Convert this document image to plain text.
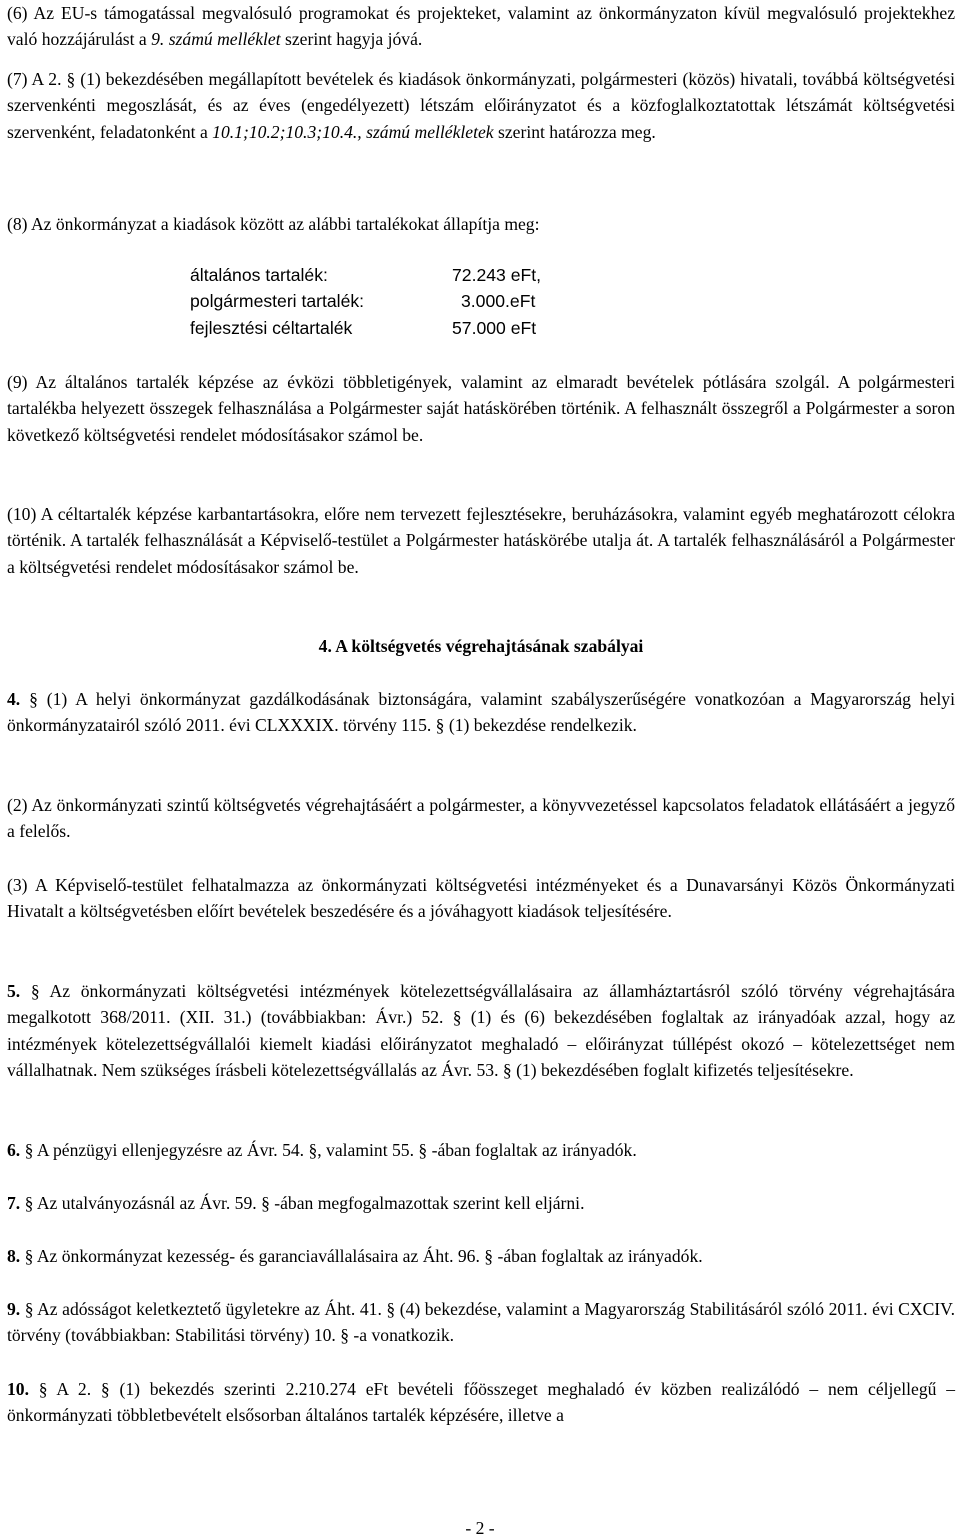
(6) Az EU-s támogatással megvalósuló programokat és projekteket, valamint az önkormányzaton kívül megvalósuló projektekhez való hozzájárulást a 9. számú melléklet szerint hagyja jóvá.

(7) A 2. § (1) bekezdésében megállapított bevételek és kiadások önkormányzati, polgármesteri (közös) hivatali, továbbá költségvetési szervenkénti megoszlását, és az éves (engedélyezett) létszám előirányzatot és a közfoglalkoztatottak létszámát költségvetési szervenként, feladatonként a 10.1;10.2;10.3;10.4., számú mellékletek szerint határozza meg.

(8) Az önkormányzat a kiadások között az alábbi tartalékokat állapítja meg:

(9) Az általános tartalék képzése az évközi többletigények, valamint az elmaradt bevételek pótlására szolgál. A polgármesteri tartalékba helyezett összegek felhasználása a Polgármester saját hatáskörében történik. A felhasznált összegről a Polgármester a soron következő költségvetési rendelet módosításakor számol be.

(10) A céltartalék képzése karbantartásokra, előre nem tervezett fejlesztésekre, beruházásokra, valamint egyéb meghatározott célokra történik. A tartalék felhasználását a Képviselő-testület a Polgármester hatáskörébe utalja át. A tartalék felhasználásáról a Polgármester a költségvetési rendelet módosításakor számol be.

4. A költségvetés végrehajtásának szabályai

4. § (1) A helyi önkormányzat gazdálkodásának biztonságára, valamint szabályszerűségére vonatkozóan a Magyarország helyi önkormányzatairól szóló 2011. évi CLXXXIX. törvény 115. § (1) bekezdése rendelkezik.

(2) Az önkormányzati szintű költségvetés végrehajtásáért a polgármester, a könyvvezetéssel kapcsolatos feladatok ellátásáért a jegyző a felelős.

(3) A Képviselő-testület felhatalmazza az önkormányzati költségvetési intézményeket és a Dunavarsányi Közös Önkormányzati Hivatalt a költségvetésben előírt bevételek beszedésére és a jóváhagyott kiadások teljesítésére.

5. § Az önkormányzati költségvetési intézmények kötelezettségvállalásaira az államháztartásról szóló törvény végrehajtására megalkotott 368/2011. (XII. 31.) (továbbiakban: Ávr.) 52. § (1) és (6) bekezdésében foglaltak az irányadóak azzal, hogy az intézmények kötelezettségvállalói kiemelt kiadási előirányzatot meghaladó – előirányzat túllépést okozó – kötelezettséget nem vállalhatnak. Nem szükséges írásbeli kötelezettségvállalás az Ávr. 53. § (1) bekezdésében foglalt kifizetés teljesítésekre.

6. § A pénzügyi ellenjegyzésre az Ávr. 54. §, valamint 55. § -ában foglaltak az irányadók.

7. § Az utalványozásnál az Ávr. 59. § -ában megfogalmazottak szerint kell eljárni.

8. § Az önkormányzat kezesség- és garanciavállalásaira az Áht. 96. § -ában foglaltak az irányadók.

9. § Az adósságot keletkeztető ügyletekre az Áht. 41. § (4) bekezdése, valamint a Magyarország Stabilitásáról szóló 2011. évi CXCIV. törvény (továbbiakban: Stabilitási törvény) 10. § -a vonatkozik.

10. § A 2. § (1) bekezdés szerinti 2.210.274 eFt bevételi főösszeget meghaladó év közben realizálódó – nem céljellegű – önkormányzati többletbevételt elsősorban általános tartalék képzésére, illetve a

általános tartalék:	72.243 eFt,
polgármesteri tartalék:	3.000.eFt
fejlesztési céltartalék	57.000 eFt
- 2 -
